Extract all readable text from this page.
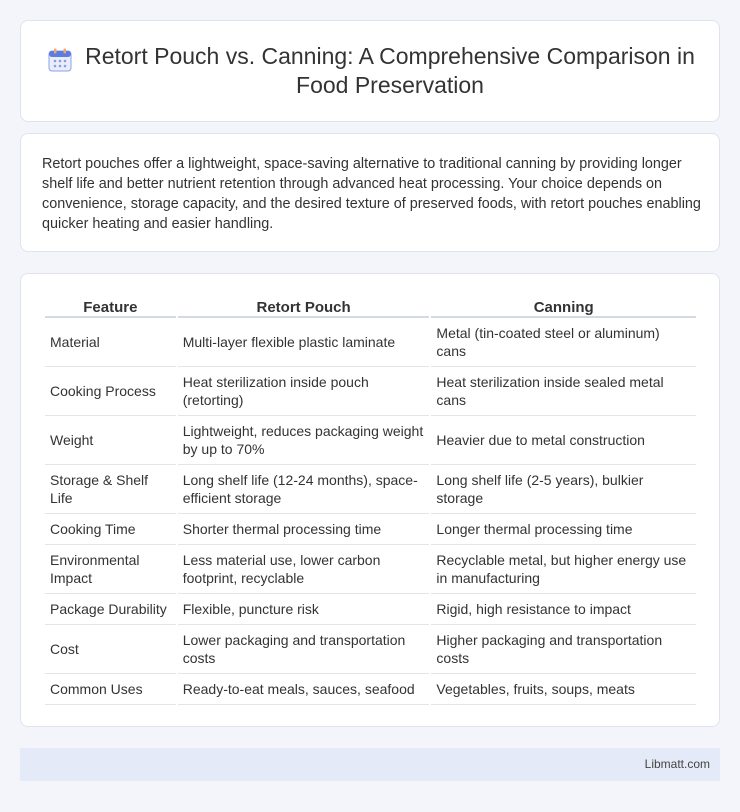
Retort Pouch vs. Canning: A Comprehensive Comparison in Food Preservation

Retort pouches offer a lightweight, space-saving alternative to traditional canning by providing longer shelf life and better nutrient retention through advanced heat processing. Your choice depends on convenience, storage capacity, and the desired texture of preserved foods, with retort pouches enabling quicker heating and easier handling.

Feature	Retort Pouch	Canning
Material	Multi-layer flexible plastic laminate	Metal (tin-coated steel or aluminum) cans
Cooking Process	Heat sterilization inside pouch (retorting)	Heat sterilization inside sealed metal cans
Weight	Lightweight, reduces packaging weight by up to 70%	Heavier due to metal construction
Storage & Shelf Life	Long shelf life (12-24 months), space-efficient storage	Long shelf life (2-5 years), bulkier storage
Cooking Time	Shorter thermal processing time	Longer thermal processing time
Environmental Impact	Less material use, lower carbon footprint, recyclable	Recyclable metal, but higher energy use in manufacturing
Package Durability	Flexible, puncture risk	Rigid, high resistance to impact
Cost	Lower packaging and transportation costs	Higher packaging and transportation costs
Common Uses	Ready-to-eat meals, sauces, seafood	Vegetables, fruits, soups, meats
Libmatt.com
